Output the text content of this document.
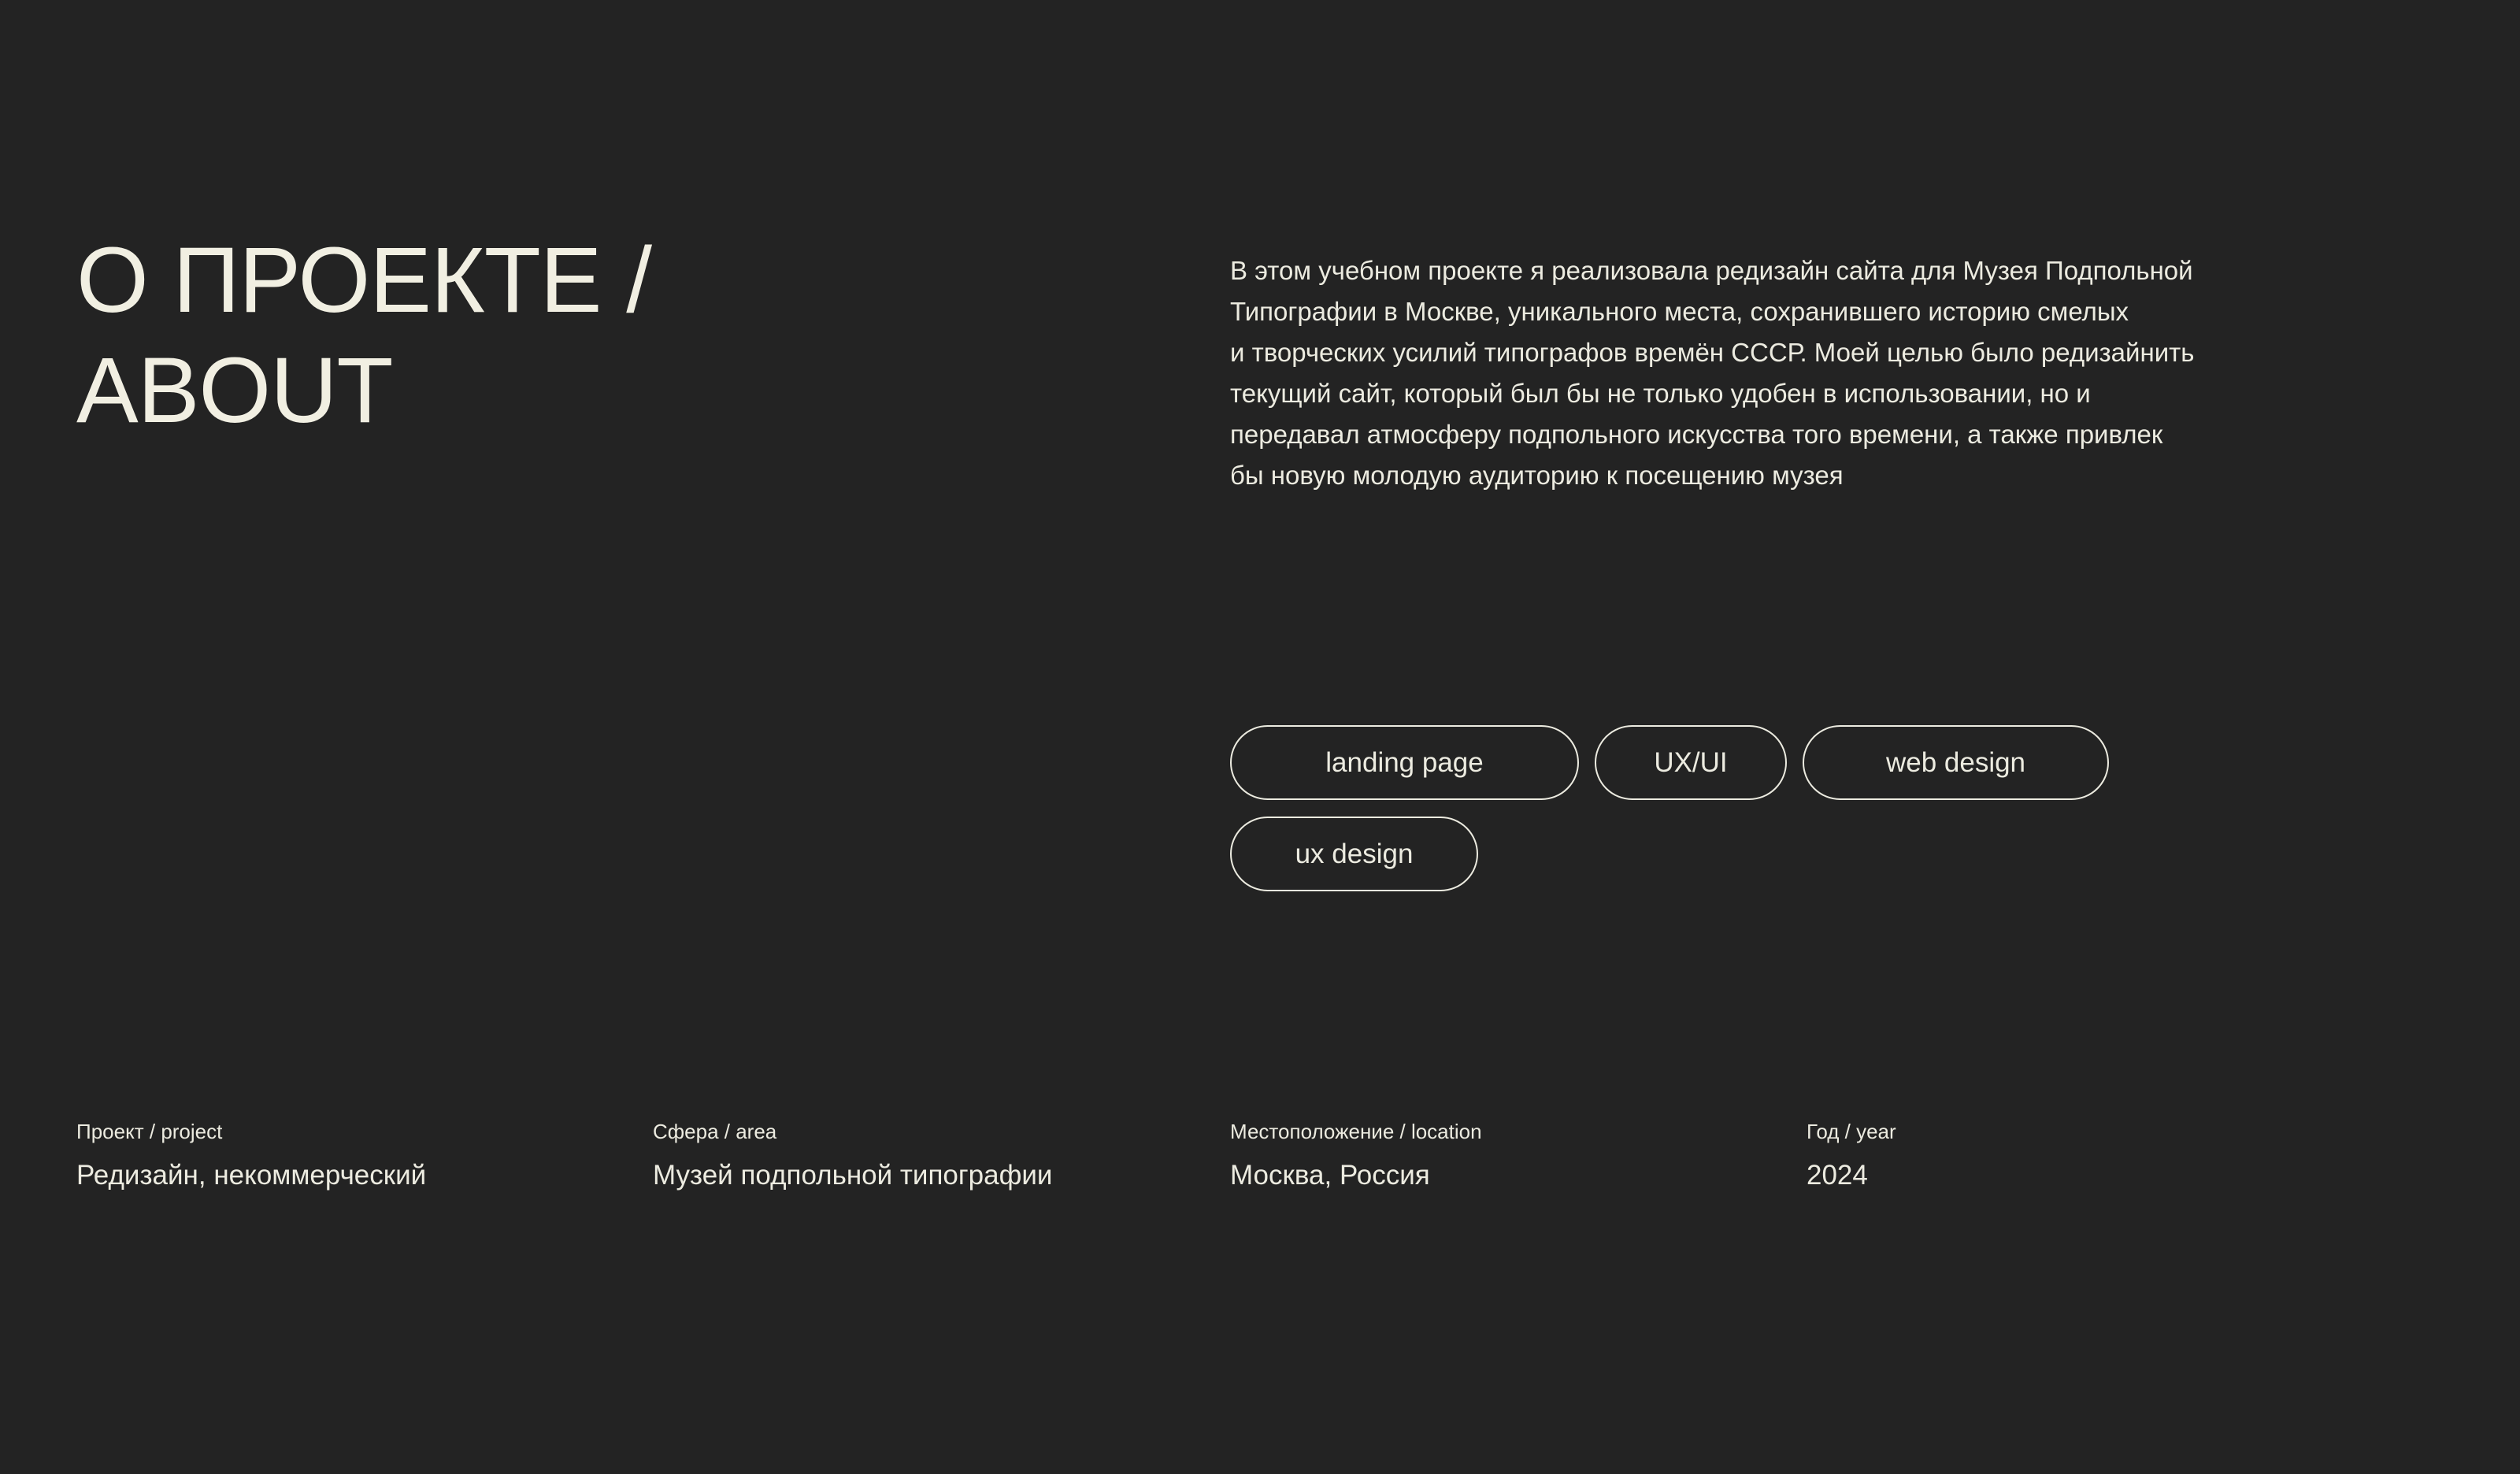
О ПРОЕКТЕ /
ABOUT

В этом учебном проекте я реализовала редизайн сайта для Музея Подпольной
Типографии в Москве, уникального места, сохранившего историю смелых
и творческих усилий типографов времён СССР. Моей целью было редизайнить
текущий сайт, который был бы не только удобен в использовании, но и
передавал атмосферу подпольного искусства того времени, а также привлек
бы новую молодую аудиторию к посещению музея

landing page	UX/UI	web design
ux design
Проект / project
Редизайн, некоммерческий
Сфера / area
Музей подпольной типографии
Местоположение / location
Москва, Россия
Год / year
2024
